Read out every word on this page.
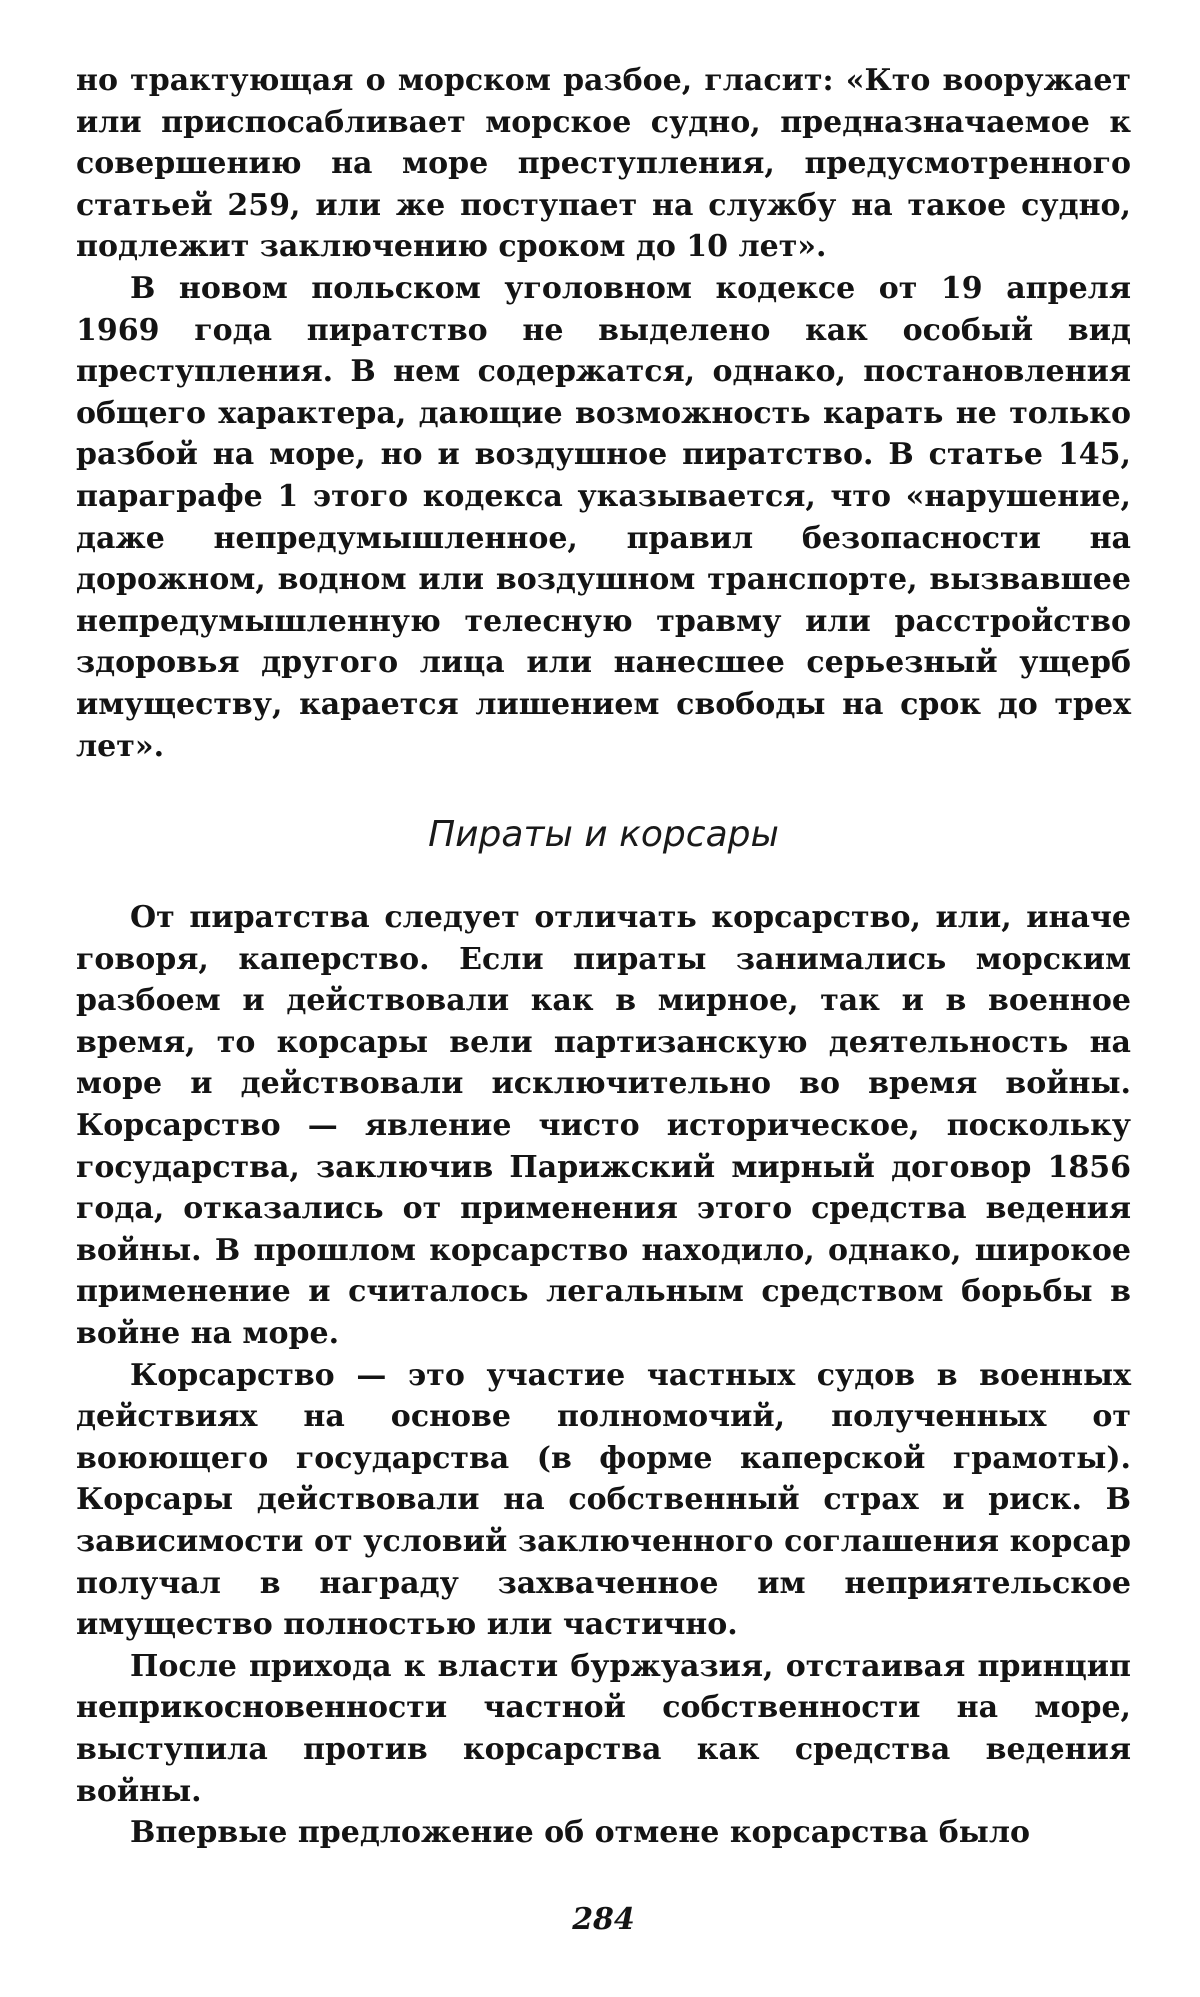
но трактующая о морском разбое, гласит: «Кто вооружает или приспосабливает морское судно, предназначаемое к совершению на море преступления, предусмотренного статьей 259, или же поступает на службу на такое судно, подлежит заключению сроком до 10 лет».

В новом польском уголовном кодексе от 19 апреля 1969 года пиратство не выделено как особый вид преступления. В нем содержатся, однако, постановления общего характера, дающие возможность карать не только разбой на море, но и воздушное пиратство. В статье 145, параграфе 1 этого кодекса указывается, что «нарушение, даже непредумышленное, правил безопасности на дорожном, водном или воздушном транспорте, вызвавшее непредумышленную телесную травму или расстройство здоровья другого лица или нанесшее серьезный ущерб имуществу, карается лишением свободы на срок до трех лет».

Пираты и корсары

От пиратства следует отличать корсарство, или, иначе говоря, каперство. Если пираты занимались морским разбоем и действовали как в мирное, так и в военное время, то корсары вели партизанскую деятельность на море и действовали исключительно во время войны. Корсарство — явление чисто историческое, поскольку государства, заключив Парижский мирный договор 1856 года, отказались от применения этого средства ведения войны. В прошлом корсарство находило, однако, широкое применение и считалось легальным средством борьбы в войне на море.

Корсарство — это участие частных судов в военных действиях на основе полномочий, полученных от воюющего государства (в форме каперской грамоты). Корсары действовали на собственный страх и риск. В зависимости от условий заключенного соглашения корсар получал в награду захваченное им неприятельское имущество полностью или частично.

После прихода к власти буржуазия, отстаивая принцип неприкосновенности частной собственности на море, выступила против корсарства как средства ведения войны.

Впервые предложение об отмене корсарства было

284
